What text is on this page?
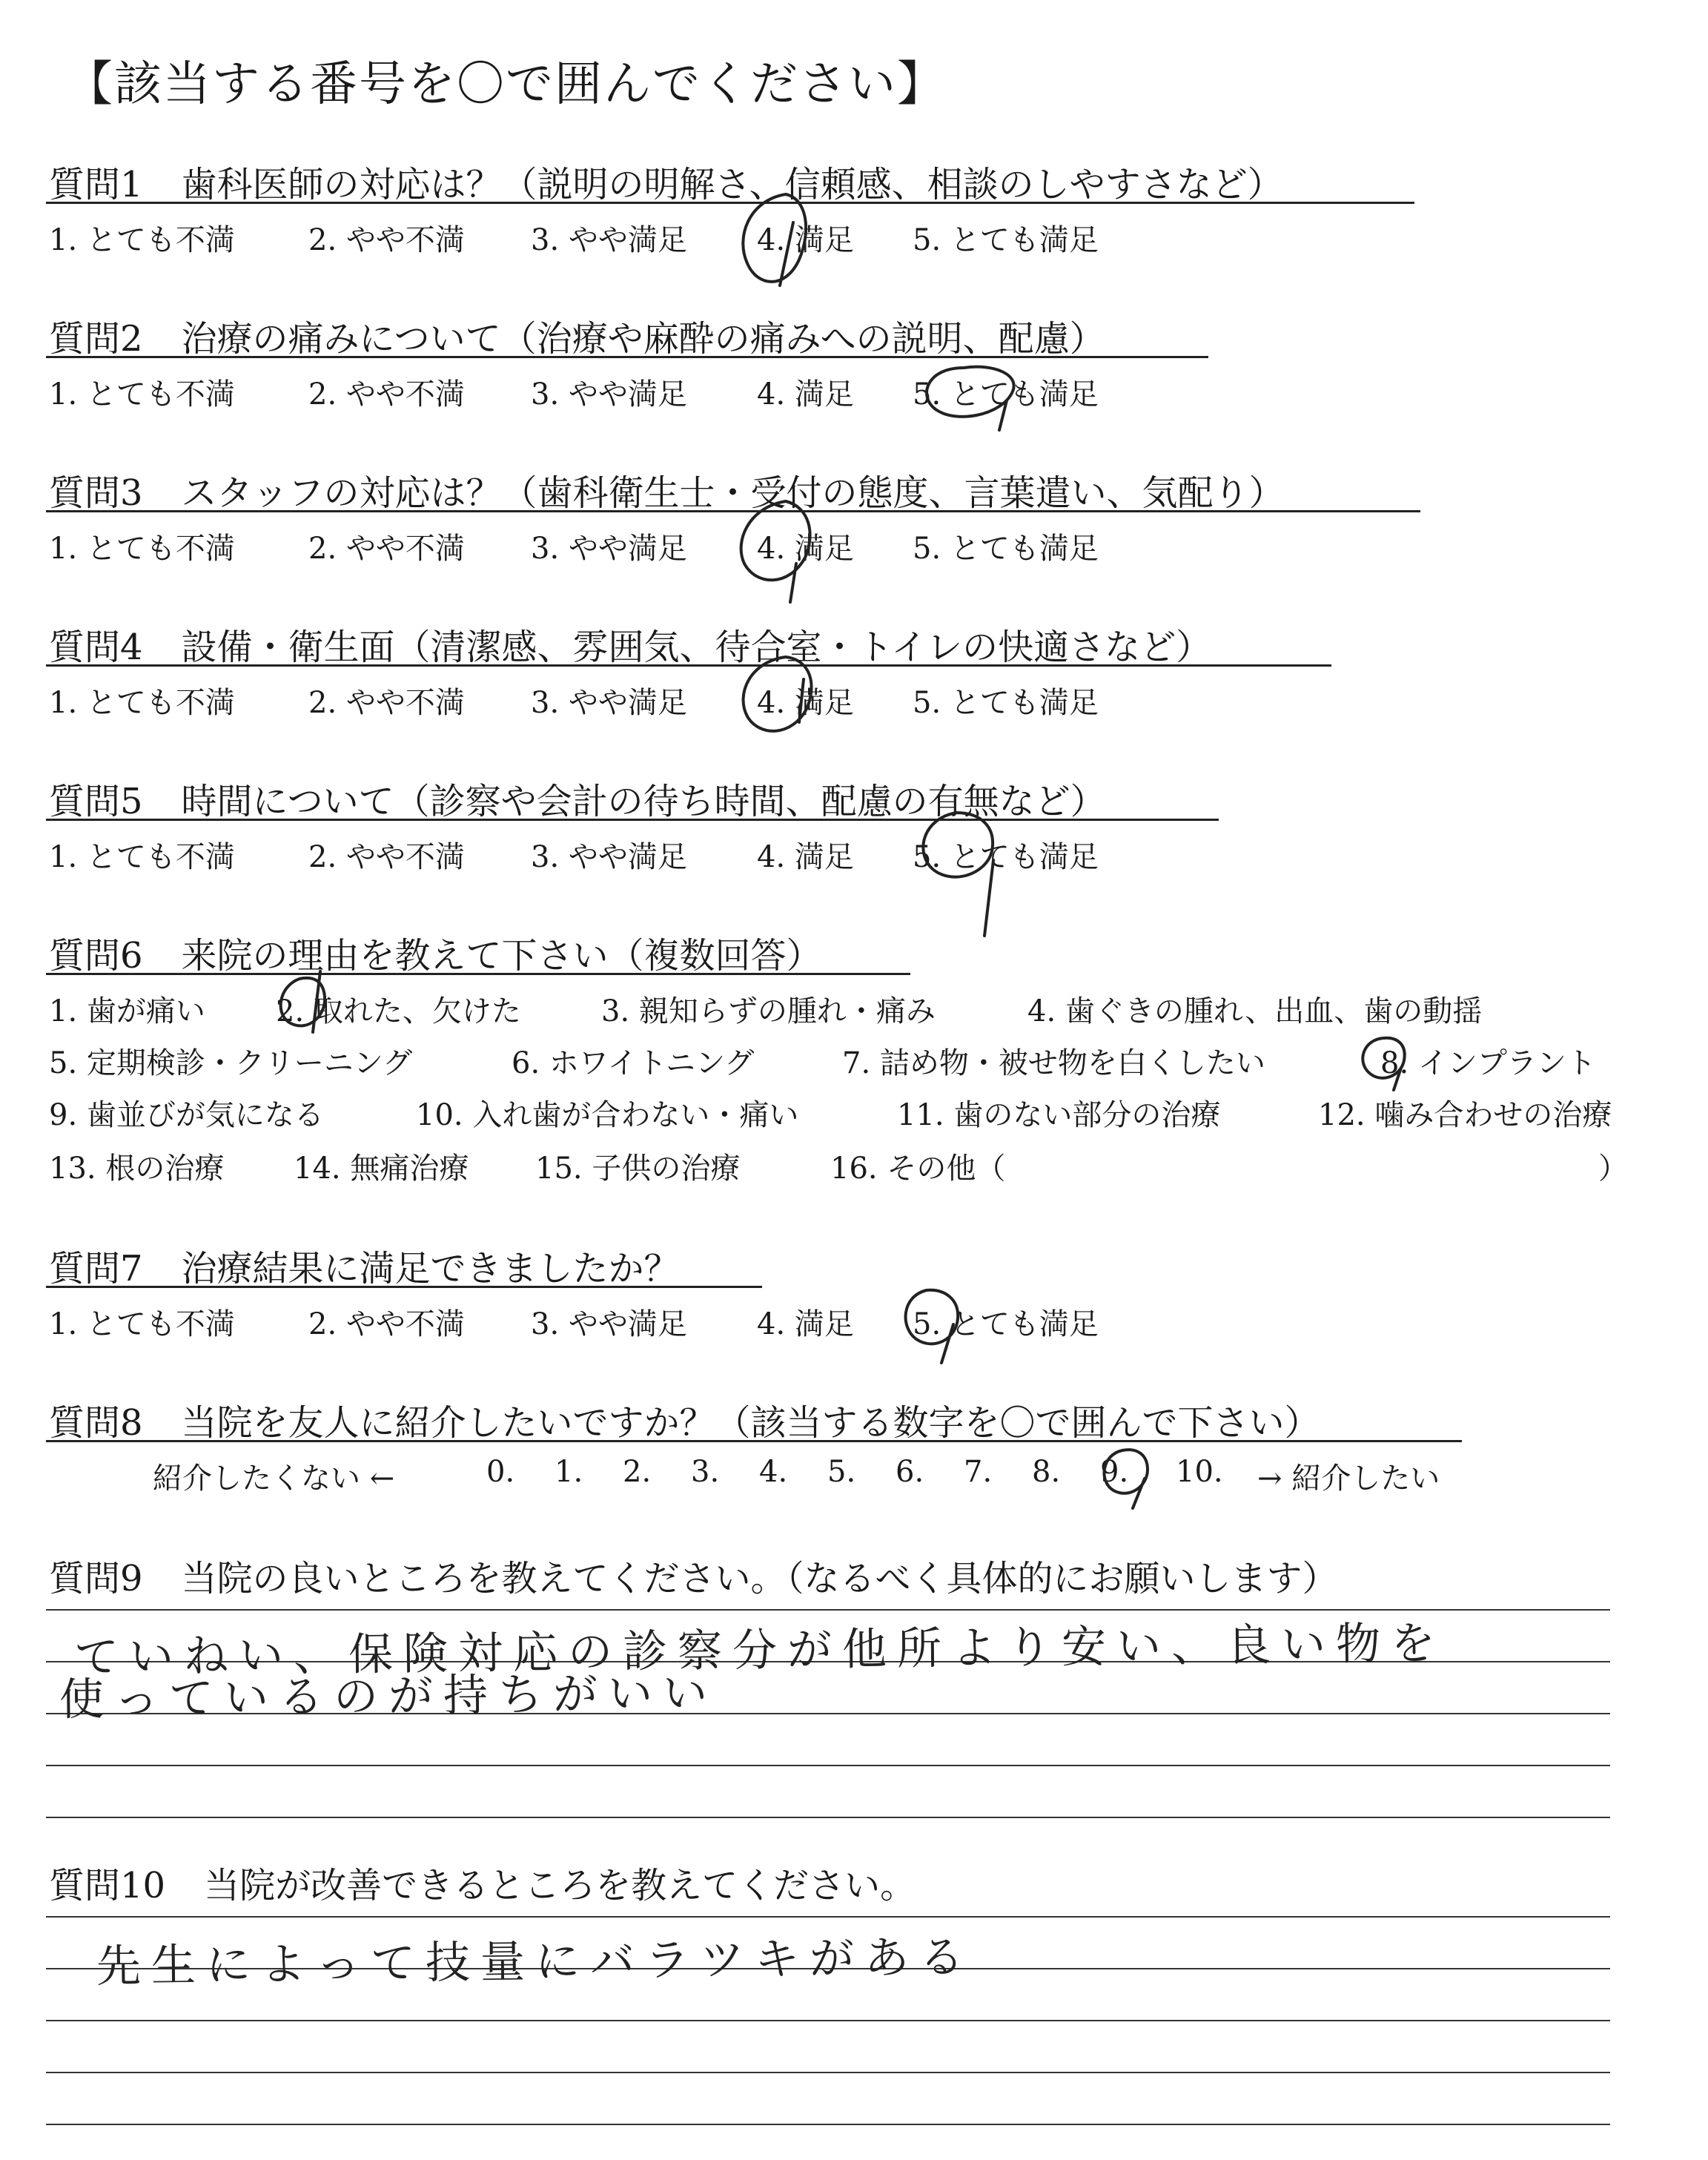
【該当する番号を〇で囲んでください】
質問1 歯科医師の対応は？（説明の明解さ、信頼感、相談のしやすさなど）
1. とても不満 2. やや不満 3. やや満足 4. 満足 5. とても満足
質問2 治療の痛みについて（治療や麻酔の痛みへの説明、配慮）
1. とても不満 2. やや不満 3. やや満足 4. 満足 5. とても満足
質問3 スタッフの対応は？（歯科衛生士・受付の態度、言葉遣い、気配り）
1. とても不満 2. やや不満 3. やや満足 4. 満足 5. とても満足
質問4 設備・衛生面（清潔感、雰囲気、待合室・トイレの快適さなど）
1. とても不満 2. やや不満 3. やや満足 4. 満足 5. とても満足
質問5 時間について（診察や会計の待ち時間、配慮の有無など）
1. とても不満 2. やや不満 3. やや満足 4. 満足 5. とても満足
質問6 来院の理由を教えて下さい（複数回答）
1. 歯が痛い 2. 取れた、欠けた	3. 親知らずの腫れ・痛み	4. 歯ぐきの腫れ、出血、歯の動揺
5. 定期検診・クリーニング	6. ホワイトニング	7. 詰め物・被せ物を白くしたい	8. インプラント
9. 歯並びが気になる	10. 入れ歯が合わない・痛い	11. 歯のない部分の治療	12. 噛み合わせの治療
13. 根の治療 14. 無痛治療 15. 子供の治療	16. その他（	）
質問7 治療結果に満足できましたか？
1. とても不満 2. やや不満 3. やや満足 4. 満足 5. とても満足
質問8 当院を友人に紹介したいですか？（該当する数字を〇で囲んで下さい）
紹介したくない ←	0. 1. 2. 3. 4. 5. 6. 7. 8. 9. 10. → 紹介したい
質問9 当院の良いところを教えてください。（なるべく具体的にお願いします）
ていねい、保険対応の診察分が他所より安い、良い物を
使っているのが持ちがいい
質問10 当院が改善できるところを教えてください。
先生によって技量にバラツキがある
